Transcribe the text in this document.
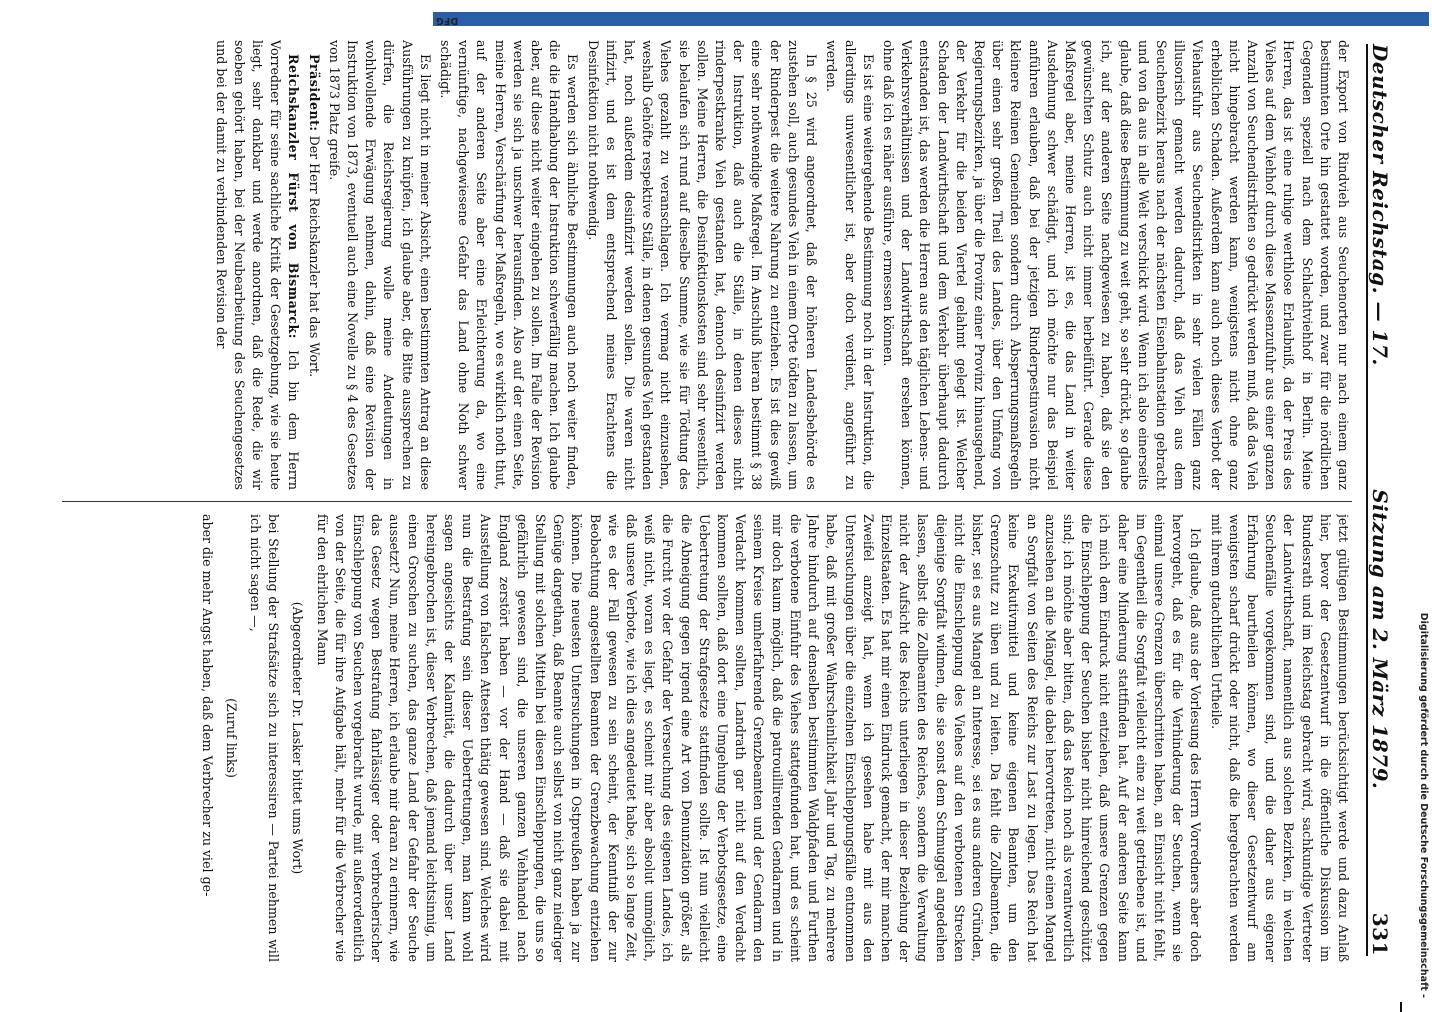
Deutscher Reichstag. — 17.
Sitzung am 2. März 1879.
331

der Export von Rindvieh aus Seuchenorten nur nach einem ganz bestimmten Orte hin gestattet worden, und zwar für die nördlichen Gegenden speziell nach dem Schlachtviehhof in Berlin. Meine Herren, das ist eine ruhige werthlose Erlaubniß, da der Preis des Viehes auf dem Viehhof durch diese Massenzufuhr aus einer ganzen Anzahl von Seuchendistrikten so gedrückt werden muß, daß das Vieh nicht hingebracht werden kann, wenigstens nicht ohne ganz erheblichen Schaden. Außerdem kann auch noch dieses Verbot der Viehausfuhr aus Seuchendistrikten in sehr vielen Fällen ganz illusorisch gemacht werden dadurch, daß das Vieh aus dem Seuchenbezirk heraus nach der nächsten Eisenbahnstation gebracht und von da aus in alle Welt verschickt wird. Wenn ich also einerseits glaube, daß diese Bestimmung zu weit geht, so sehr drückt, so glaube ich, auf der anderen Seite nachgewiesen zu haben, daß sie den gewünschten Schutz auch nicht immer herbeiführt. Gerade diese Maßregel aber, meine Herren, ist es, die das Land in weiter Ausdehnung schwer schädigt, und ich möchte nur das Beispiel anführen erlauben, daß bei der jetzigen Rinderpestinvasion nicht kleinere Reinen Gemeinden sondern durch Absperrungsmaßregeln über einen sehr großen Theil des Landes, über den Umfang von Regierungsbezirken, ja über die Provinz einer Provinz hinausgehend, der Verkehr für die beiden Viertel gelahmt gelegt ist. Welcher Schaden der Landwirthschaft und dem Verkehr überhaupt dadurch entstanden ist, das werden die Herren aus den täglichen Lebens- und Verkehrsverhältnissen und der Landwirthschaft ersehen können, ohne daß ich es näher ausführe, ermessen können.

Es ist eine weitergehende Bestimmung noch in der Instruktion, die allerdings unwesentlicher ist, aber doch verdient, angeführt zu werden.

In § 25 wird angeordnet, daß der höheren Landesbehörde es zustehen soll, auch gesundes Vieh in einem Orte tödten zu lassen, um der Rinderpest die weitere Nahrung zu entziehen. Es ist dies gewiß eine sehr nothwendige Maßregel. Im Anschluß hieran bestimmt § 38 der Instruktion, daß auch die Ställe, in denen dieses nicht rinderpestkranke Vieh gestanden hat, dennoch desinfizirt werden sollen. Meine Herren, die Desinfektionskosten sind sehr wesentlich, sie belaufen sich rund auf dieselbe Summe, wie sie für Tödtung des Viehes gezahlt zu veranschlagen. Ich vermag nicht einzusehen, weshalb Gehöfte respektive Ställe, in denen gesundes Vieh gestanden hat, noch außerdem desinfizirt werden sollen. Die waren nicht infizirt, und es ist dem entsprechend meines Erachtens die Desinfektion nicht nothwendig.

Es werden sich ähnliche Bestimmungen auch noch weiter finden, die die Handhabung der Instruktion schwerfällig machen. Ich glaube aber, auf diese nicht weiter eingehen zu sollen. Im Falle der Revision werden sie sich ja unschwer herausfinden. Also auf der einen Seite, meine Herren, Verschärfung der Maßregeln, wo es wirklich noth thut, auf der anderen Seite aber eine Erleichterung da, wo eine vernünftige, nachgewiesene Gefahr das Land ohne Noth schwer schädigt.

Es liegt nicht in meiner Absicht, einen bestimmten Antrag an diese Ausführungen zu knüpfen, ich glaube aber, die Bitte aussprechen zu dürfen, die Reichsregierung wolle meine Andeutungen in wohlwollende Erwägung nehmen, dahin, daß eine Revision der Instruktion von 1873, eventuell auch eine Novelle zu § 4 des Gesetzes von 1873 Platz greife.

Präsident: Der Herr Reichskanzler hat das Wort.

Reichskanzler Fürst von Bismarck: Ich bin dem Herrn Vorredner für seine sachliche Kritik der Gesetzgebung, wie sie heute liegt, sehr dankbar und werde anordnen, daß die Rede, die wir soeben gehört haben, bei der Neubearbeitung des Seuchengesetzes und bei der damit zu verbindenden Revision der

jetzt gültigen Bestimmungen berücksichtigt werde und dazu Anlaß hier, bevor der Gesetzentwurf in die öffentliche Diskussion im Bundesrath und im Reichstag gebracht wird, sachkundige Vertreter der Landwirthschaft, namentlich aus solchen Bezirken, in welchen Seuchenfälle vorgekommen sind, und die daher aus eigener Erfahrung beurtheilen können, wo dieser Gesetzentwurf am wenigsten scharf drückt oder nicht, daß die hergebrachten werden mit ihrem gutachtlichen Urtheile.

Ich glaube, daß aus der Vorlesung des Herrn Vorredners aber doch hervorgeht, daß es für die Verhinderung der Seuchen, wenn sie einmal unsere Grenzen überschritten haben, an Einsicht nicht fehlt, im Gegentheil die Sorgfalt vielleicht eine zu weit getriebene ist, und daher eine Minderung stattfinden hat. Auf der anderen Seite kann ich mich dem Eindruck nicht entziehen, daß unsere Grenzen gegen die Einschleppung der Seuchen bisher nicht hinreichend geschützt sind; ich möchte aber bitten, daß das Reich noch als verantwortlich anzusehen an die Mängel, die dabei hervortreten, nicht einen Mangel an Sorgfalt von Seiten des Reichs zur Last zu legen. Das Reich hat keine Exekutivmittel und keine eigenen Beamten, um den Grenzschutz zu üben und zu leiten. Da fehlt die Zollbeamten, die bisher, sei es aus Mangel an Interesse, sei es aus anderen Gründen, nicht die Einschleppung des Viehes auf den verbotenen Strecken diejenige Sorgfalt widmen, die sie sonst dem Schmuggel angedeihen lassen, selbst die Zollbeamten des Reiches, sondern die Verwaltung nicht der Aufsicht des Reichs unterliegen in dieser Beziehung der Einzelstaaten. Es hat mir einen Eindruck gemacht, der mir manchen Zweifel anzeigt hat, wenn ich gesehen habe mit aus den Untersuchungen über die einzelnen Einschleppungsfälle entnommen habe, daß mit großer Wahrscheinlichkeit Jahr und Tag, zu mehrere Jahre hindurch auf denselben bestimmten Waldpfaden und Furthen die verbotene Einfuhr des Viehes stattgefunden hat, und es scheint mir doch kaum möglich, daß die patrouillirenden Gendarmen und in seinem Kreise umherfahrende Grenzbeamten und der Gendarm den Verdacht kommen sollten, Landrath gar nicht auf den Verdacht kommen sollten, daß dort eine Umgehung der Verbotsgesetze, eine Uebertretung der Strafgesetze stattfinden sollte. Ist nun vielleicht die Abneigung gegen irgend eine Art von Denunziation größer, als die Furcht vor der Gefahr der Verseuchung des eigenen Landes, ich weiß nicht, woran es liegt, es scheint mir aber absolut unmöglich, daß unsere Verbote, wie ich dies angedeutet habe, sich so lange Zeit, wie es der Fall gewesen zu sein scheint, der Kenntniß der zur Beobachtung angestellten Beamten der Grenzbewachung entziehen können. Die neuesten Untersuchungen in Ostpreußen haben ja zur Genüge dargethan, daß Beamte auch selbst von nicht ganz niedriger Stellung mit solchen Mitteln bei diesen Einschleppungen, die uns so gefährlich gewesen sind, die unseren ganzen Viehhandel nach England zerstört haben — vor der Hand — daß sie dabei mit Ausstellung von falschen Attesten thätig gewesen sind. Welches wird nun die Bestrafung sein dieser Uebertretungen, man kann wohl sagen angesichts der Kalamität, die dadurch über unser Land hereingebrochen ist, dieser Verbrechen, daß jemand leichtsinnig, um einen Groschen zu suchen, das ganze Land der Gefahr der Seuche aussetzt? Nun, meine Herren, ich erlaube mir daran zu erinnern, wie das Gesetz wegen Bestrafung fahrlässiger oder verbrecherischer Einschleppung von Seuchen vorgebracht wurde, mit außerordentlich von der Seite, die für ihre Aufgabe hält, mehr für die Verbrecher wie für den ehrlichen Mann

(Abgeordneter Dr. Lasker bittet ums Wort)

bei Stellung der Strafsätze sich zu interessiren — Partei nehmen will ich nicht sagen —,

(Zuruf links)

aber die mehr Angst haben, daß dem Verbrecher zu viel ge-	Digitalisierung gefördert durch die Deutsche Forschungsgemeinschaft -
DFG
